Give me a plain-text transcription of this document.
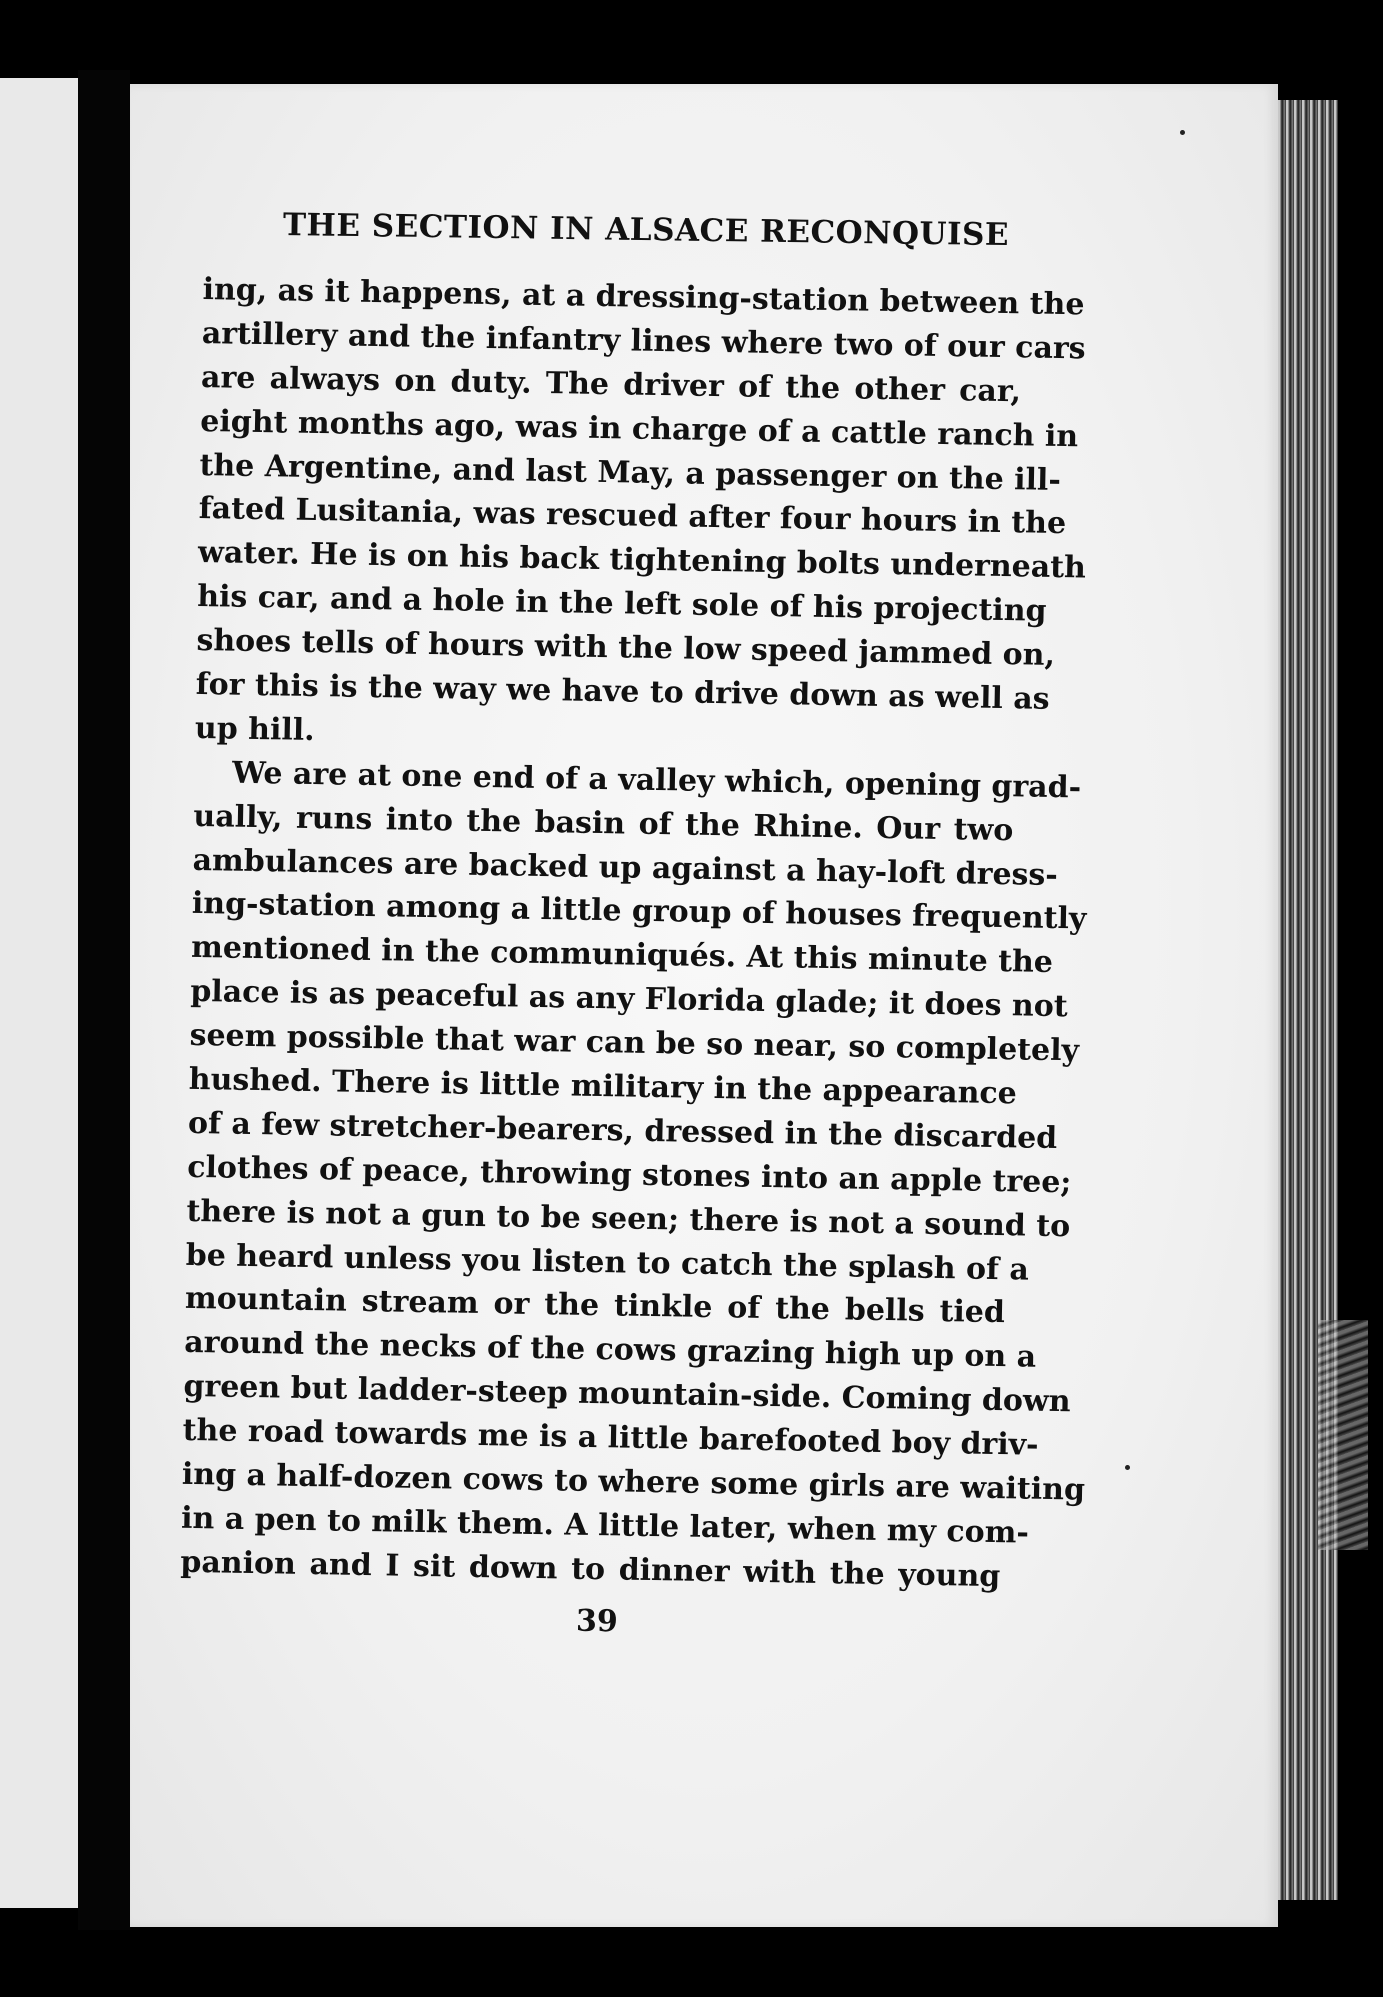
THE SECTION IN ALSACE RECONQUISE
ing, as it happens, at a dressing-station between the
artillery and the infantry lines where two of our cars
are always on duty. The driver of the other car,
eight months ago, was in charge of a cattle ranch in
the Argentine, and last May, a passenger on the ill-
fated Lusitania, was rescued after four hours in the
water. He is on his back tightening bolts underneath
his car, and a hole in the left sole of his projecting
shoes tells of hours with the low speed jammed on,
for this is the way we have to drive down as well as
up hill.
We are at one end of a valley which, opening grad-
ually, runs into the basin of the Rhine. Our two
ambulances are backed up against a hay-loft dress-
ing-station among a little group of houses frequently
mentioned in the communiqués. At this minute the
place is as peaceful as any Florida glade; it does not
seem possible that war can be so near, so completely
hushed. There is little military in the appearance
of a few stretcher-bearers, dressed in the discarded
clothes of peace, throwing stones into an apple tree;
there is not a gun to be seen; there is not a sound to
be heard unless you listen to catch the splash of a
mountain stream or the tinkle of the bells tied
around the necks of the cows grazing high up on a
green but ladder-steep mountain-side. Coming down
the road towards me is a little barefooted boy driv-
ing a half-dozen cows to where some girls are waiting
in a pen to milk them. A little later, when my com-
panion and I sit down to dinner with the young

39
